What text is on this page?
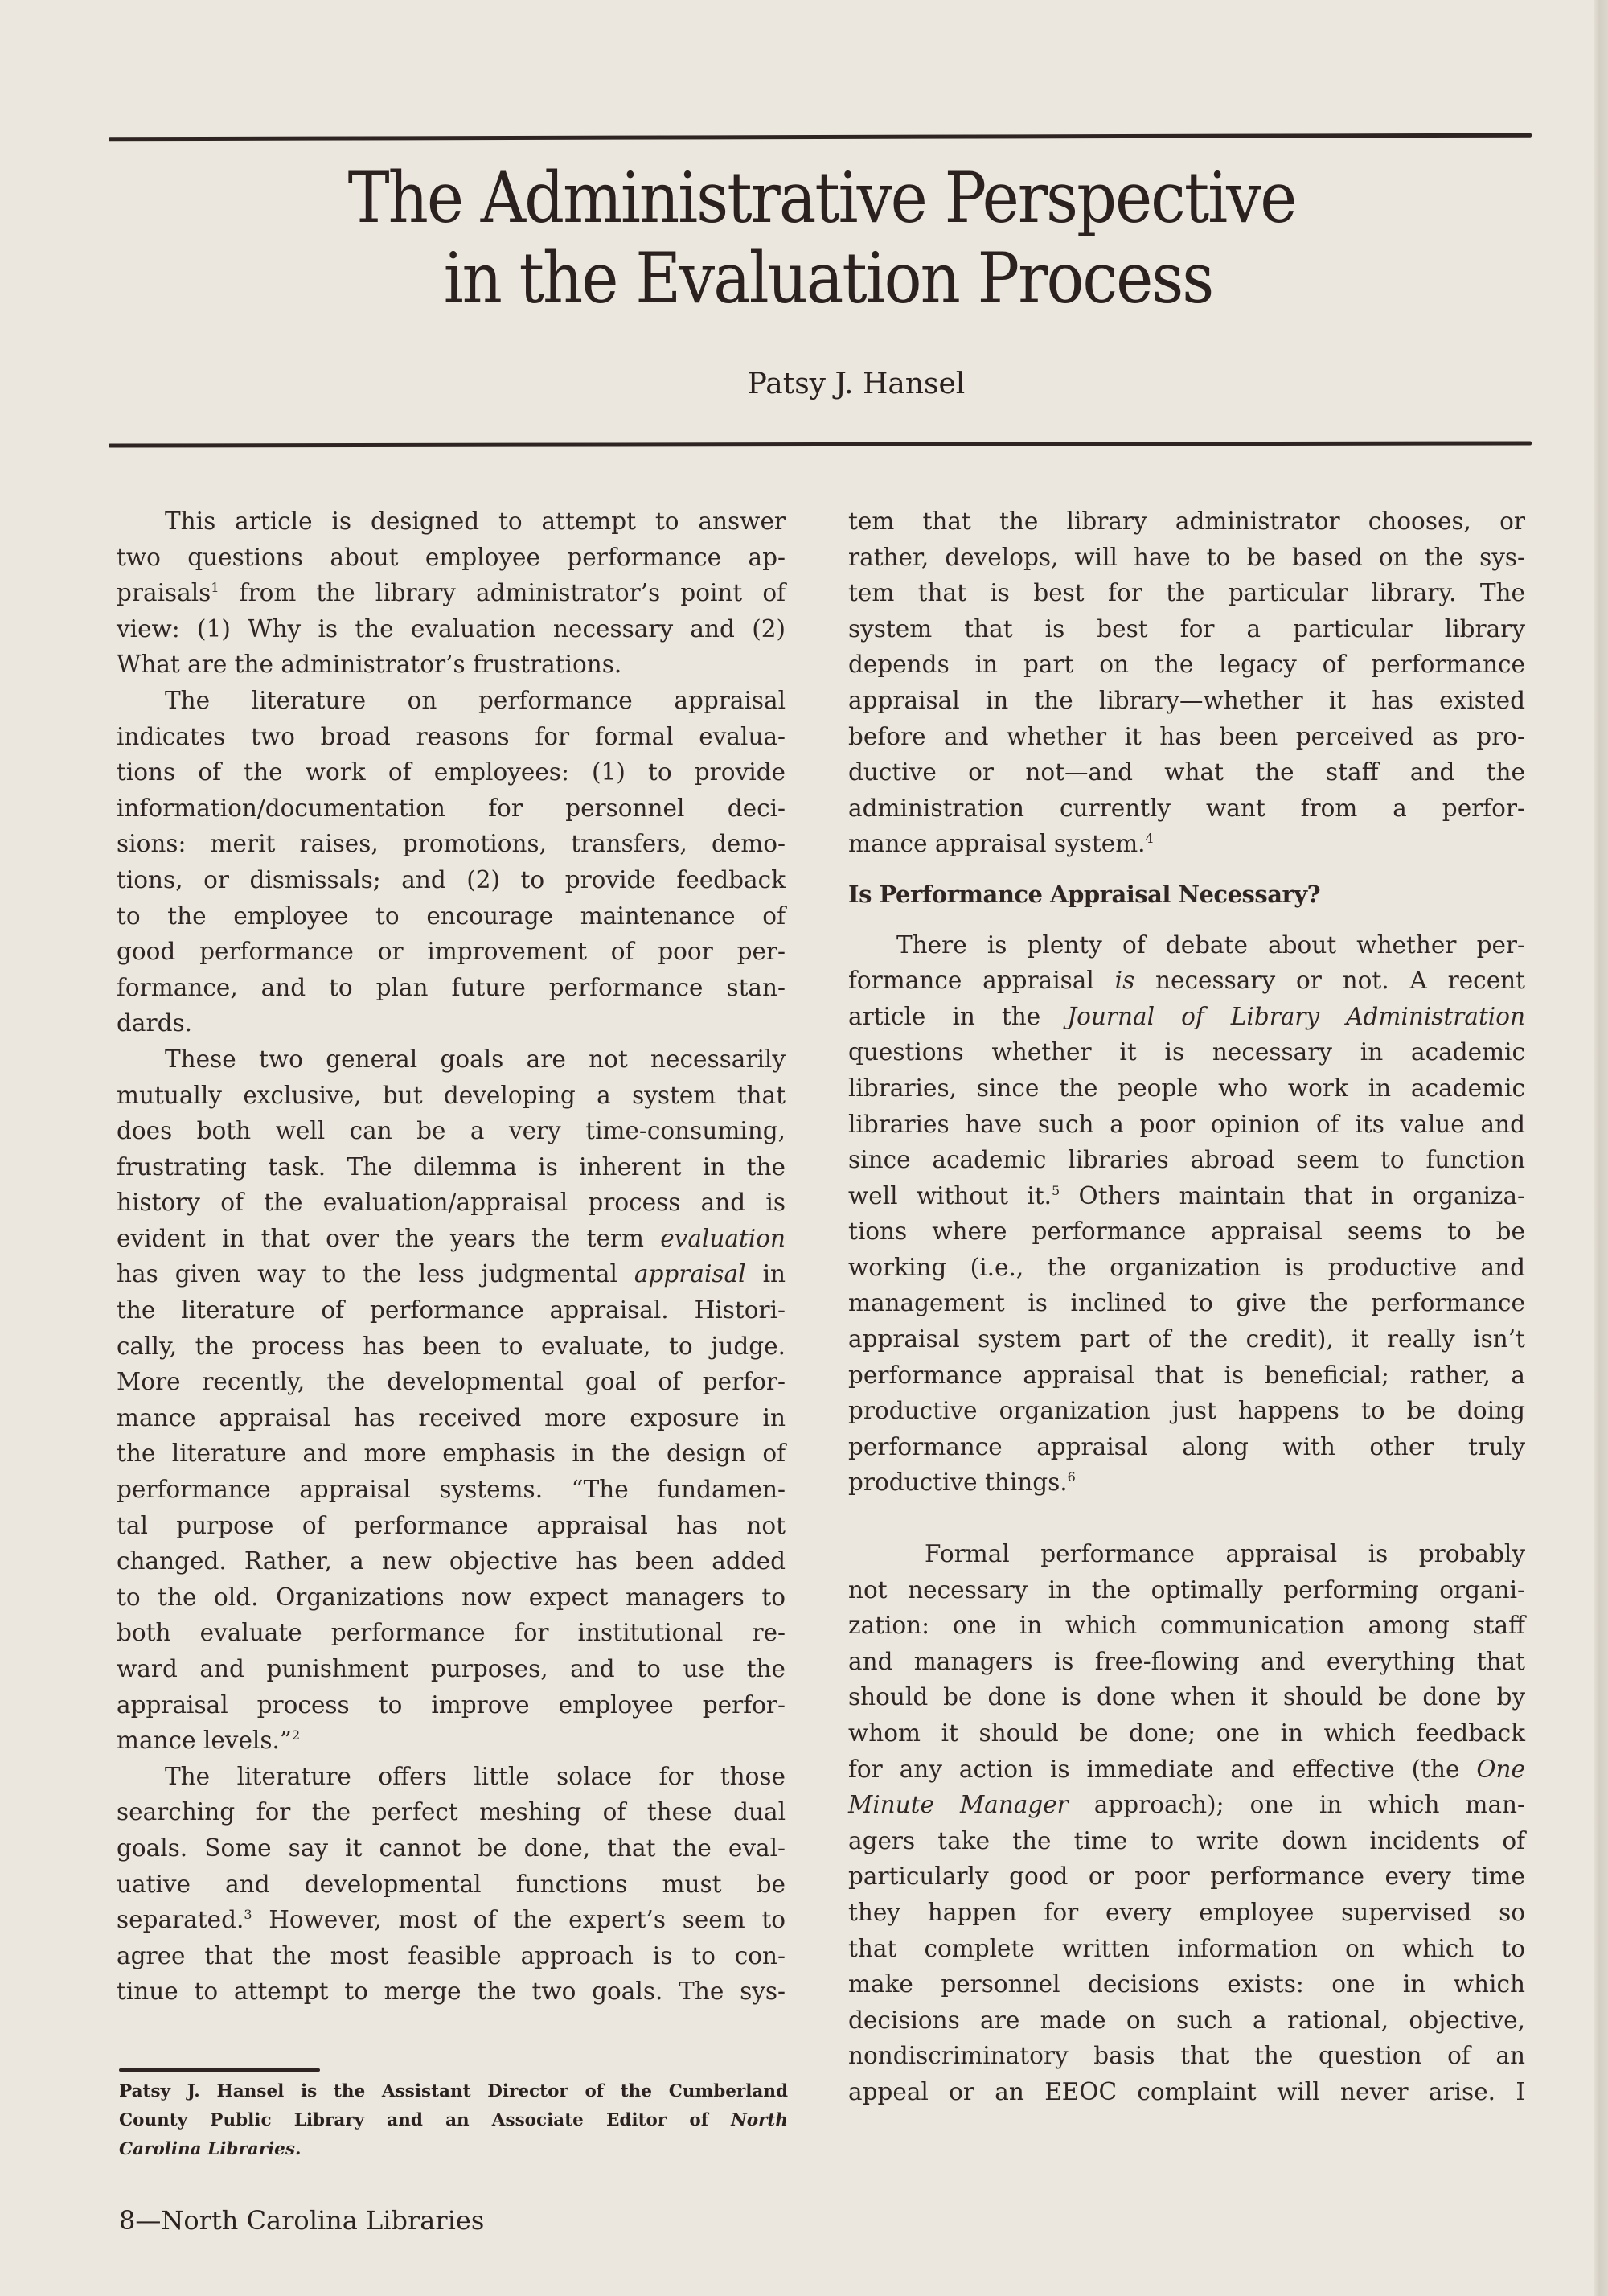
The Administrative Perspective
in the Evaluation Process
Patsy J. Hansel
This article is designed to attempt to answer
two questions about employee performance ap-
praisals$^1$ from the library administrator’s point of
view: (1) Why is the evaluation necessary and (2)
What are the administrator’s frustrations.
The literature on performance appraisal
indicates two broad reasons for formal evalua-
tions of the work of employees: (1) to provide
information/documentation for personnel deci-
sions: merit raises, promotions, transfers, demo-
tions, or dismissals; and (2) to provide feedback
to the employee to encourage maintenance of
good performance or improvement of poor per-
formance, and to plan future performance stan-
dards.
These two general goals are not necessarily
mutually exclusive, but developing a system that
does both well can be a very time-consuming,
frustrating task. The dilemma is inherent in the
history of the evaluation/appraisal process and is
evident in that over the years the term evaluation
has given way to the less judgmental appraisal in
the literature of performance appraisal. Histori-
cally, the process has been to evaluate, to judge.
More recently, the developmental goal of perfor-
mance appraisal has received more exposure in
the literature and more emphasis in the design of
performance appraisal systems. “The fundamen-
tal purpose of performance appraisal has not
changed. Rather, a new objective has been added
to the old. Organizations now expect managers to
both evaluate performance for institutional re-
ward and punishment purposes, and to use the
appraisal process to improve employee perfor-
mance levels.”$^2$
The literature offers little solace for those
searching for the perfect meshing of these dual
goals. Some say it cannot be done, that the eval-
uative and developmental functions must be
separated.$^3$ However, most of the expert’s seem to
agree that the most feasible approach is to con-
tinue to attempt to merge the two goals. The sys-
tem that the library administrator chooses, or
rather, develops, will have to be based on the sys-
tem that is best for the particular library. The
system that is best for a particular library
depends in part on the legacy of performance
appraisal in the library—whether it has existed
before and whether it has been perceived as pro-
ductive or not—and what the staff and the
administration currently want from a perfor-
mance appraisal system.$^4$
Is Performance Appraisal Necessary?
There is plenty of debate about whether per-
formance appraisal is necessary or not. A recent
article in the Journal of Library Administration
questions whether it is necessary in academic
libraries, since the people who work in academic
libraries have such a poor opinion of its value and
since academic libraries abroad seem to function
well without it.$^5$ Others maintain that in organiza-
tions where performance appraisal seems to be
working (i.e., the organization is productive and
management is inclined to give the performance
appraisal system part of the credit), it really isn’t
performance appraisal that is beneficial; rather, a
productive organization just happens to be doing
performance appraisal along with other truly
productive things.$^6$
Formal performance appraisal is probably
not necessary in the optimally performing organi-
zation: one in which communication among staff
and managers is free-flowing and everything that
should be done is done when it should be done by
whom it should be done; one in which feedback
for any action is immediate and effective (the One
Minute Manager approach); one in which man-
agers take the time to write down incidents of
particularly good or poor performance every time
they happen for every employee supervised so
that complete written information on which to
make personnel decisions exists: one in which
decisions are made on such a rational, objective,
nondiscriminatory basis that the question of an
appeal or an EEOC complaint will never arise. I
Patsy J. Hansel is the Assistant Director of the Cumberland
County Public Library and an Associate Editor of North
Carolina Libraries.
8—North Carolina Libraries
